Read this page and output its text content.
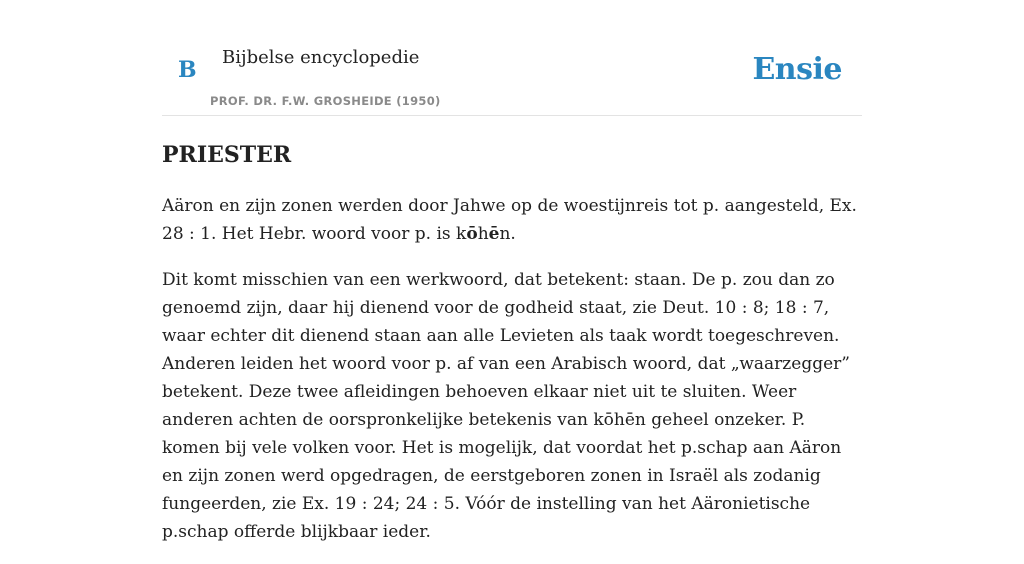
B Bijbelse encyclopedie
PROF. DR. F.W. GROSHEIDE (1950)
Ensie
PRIESTER

Aäron en zijn zonen werden door Jahwe op de woestijnreis tot p. aangesteld, Ex. 28 : 1. Het Hebr. woord voor p. is kōhēn.

Dit komt misschien van een werkwoord, dat betekent: staan. De p. zou dan zo genoemd zijn, daar hij dienend voor de godheid staat, zie Deut. 10 : 8; 18 : 7, waar echter dit dienend staan aan alle Levieten als taak wordt toegeschreven. Anderen leiden het woord voor p. af van een Arabisch woord, dat „waarzegger” betekent. Deze twee afleidingen behoeven elkaar niet uit te sluiten. Weer anderen achten de oorspronkelijke betekenis van kōhēn geheel onzeker. P. komen bij vele volken voor. Het is mogelijk, dat voordat het p.schap aan Aäron en zijn zonen werd opgedragen, de eerstgeboren zonen in Israël als zodanig fungeerden, zie Ex. 19 : 24; 24 : 5. Vóór de instelling van het Aäronietische p.schap offerde blijkbaar ieder.
